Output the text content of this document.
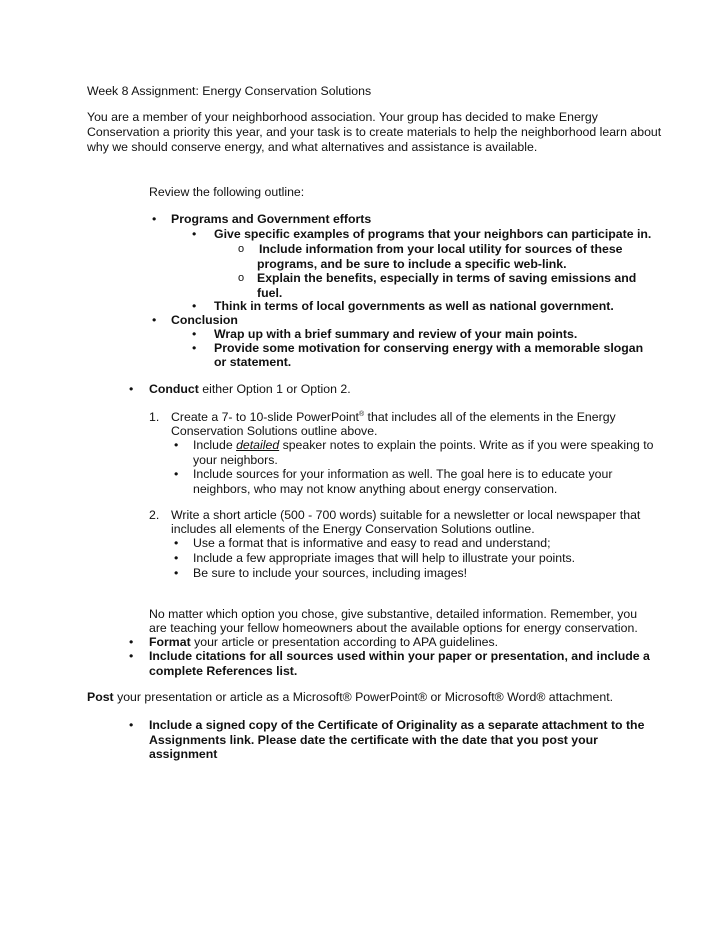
Week 8 Assignment: Energy Conservation Solutions
You are a member of your neighborhood association. Your group has decided to make Energy
Conservation a priority this year, and your task is to create materials to help the neighborhood learn about
why we should conserve energy, and what alternatives and assistance is available.
Review the following outline:
• Programs and Government efforts
• Give specific examples of programs that your neighbors can participate in.
o Include information from your local utility for sources of these
programs, and be sure to include a specific web-link.
o Explain the benefits, especially in terms of saving emissions and
fuel.
• Think in terms of local governments as well as national government.
• Conclusion
• Wrap up with a brief summary and review of your main points.
• Provide some motivation for conserving energy with a memorable slogan
or statement.
• Conduct either Option 1 or Option 2.
1. Create a 7- to 10-slide PowerPoint® that includes all of the elements in the Energy
Conservation Solutions outline above.
• Include detailed speaker notes to explain the points. Write as if you were speaking to
your neighbors.
• Include sources for your information as well. The goal here is to educate your
neighbors, who may not know anything about energy conservation.
2. Write a short article (500 - 700 words) suitable for a newsletter or local newspaper that
includes all elements of the Energy Conservation Solutions outline.
• Use a format that is informative and easy to read and understand;
• Include a few appropriate images that will help to illustrate your points.
• Be sure to include your sources, including images!
No matter which option you chose, give substantive, detailed information. Remember, you
are teaching your fellow homeowners about the available options for energy conservation.
• Format your article or presentation according to APA guidelines.
• Include citations for all sources used within your paper or presentation, and include a
complete References list.
Post your presentation or article as a Microsoft® PowerPoint® or Microsoft® Word® attachment.
• Include a signed copy of the Certificate of Originality as a separate attachment to the
Assignments link. Please date the certificate with the date that you post your
assignment
